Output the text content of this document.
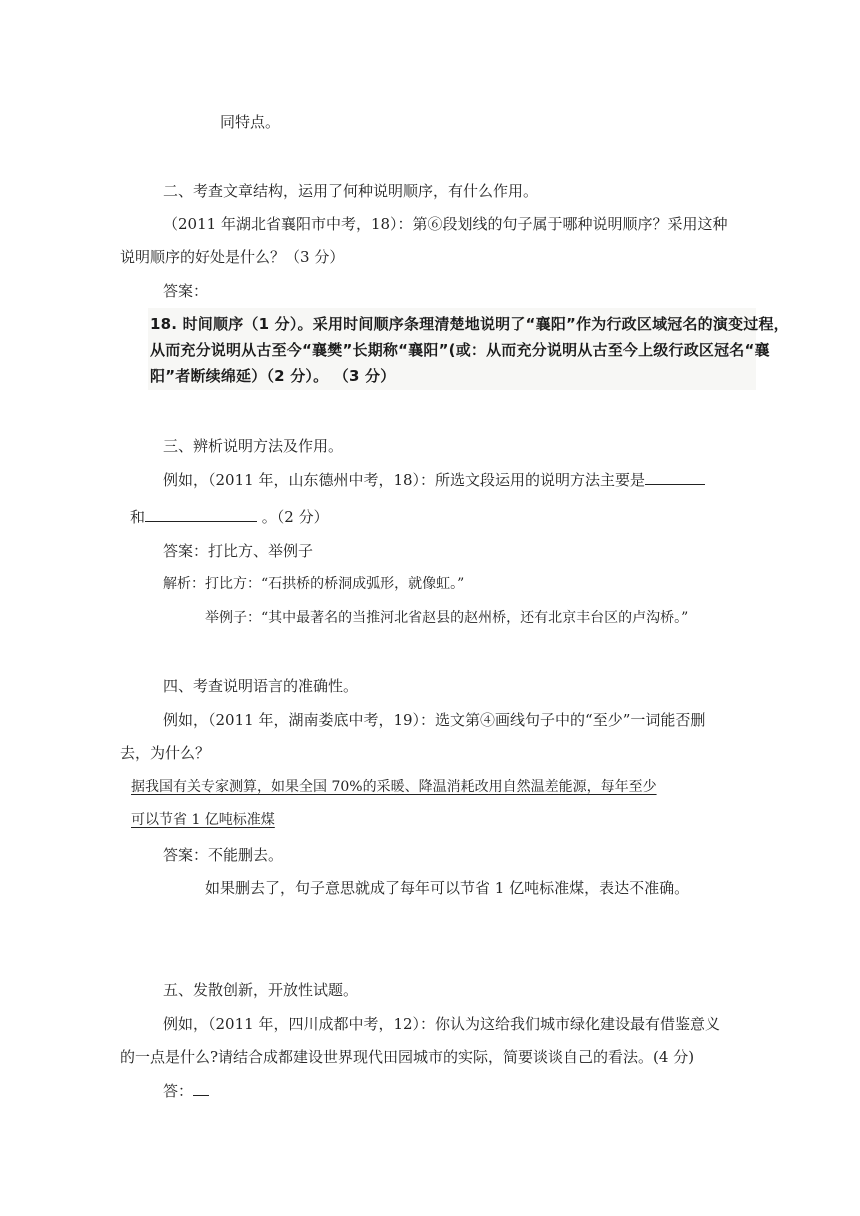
同特点。
二、考查文章结构，运用了何种说明顺序，有什么作用。
（2011 年湖北省襄阳市中考，18）：第⑥段划线的句子属于哪种说明顺序？采用这种
说明顺序的好处是什么？（3 分）
答案：
18. 时间顺序（1 分）。采用时间顺序条理清楚地说明了“襄阳”作为行政区域冠名的演变过程，
从而充分说明从古至今“襄樊”长期称“襄阳”(或：从而充分说明从古至今上级行政区冠名“襄
阳”者断续绵延）（2 分）。 （3 分）
三、辨析说明方法及作用。
例如，（2011 年，山东德州中考，18）：所选文段运用的说明方法主要是
和	。（2 分）
答案：打比方、举例子
解析：打比方：“石拱桥的桥洞成弧形，就像虹。”
举例子：“其中最著名的当推河北省赵县的赵州桥，还有北京丰台区的卢沟桥。”
四、考查说明语言的准确性。
例如，（2011 年，湖南娄底中考，19）：选文第④画线句子中的“至少”一词能否删
去，为什么？
据我国有关专家测算，如果全国 70%的采暖、降温消耗改用自然温差能源，每年至少
可以节省 1 亿吨标准煤
答案：不能删去。
如果删去了，句子意思就成了每年可以节省 1 亿吨标准煤，表达不准确。
五、发散创新，开放性试题。
例如，（2011 年，四川成都中考，12）：你认为这给我们城市绿化建设最有借鉴意义
的一点是什么?请结合成都建设世界现代田园城市的实际，简要谈谈自己的看法。(4 分)
答：
